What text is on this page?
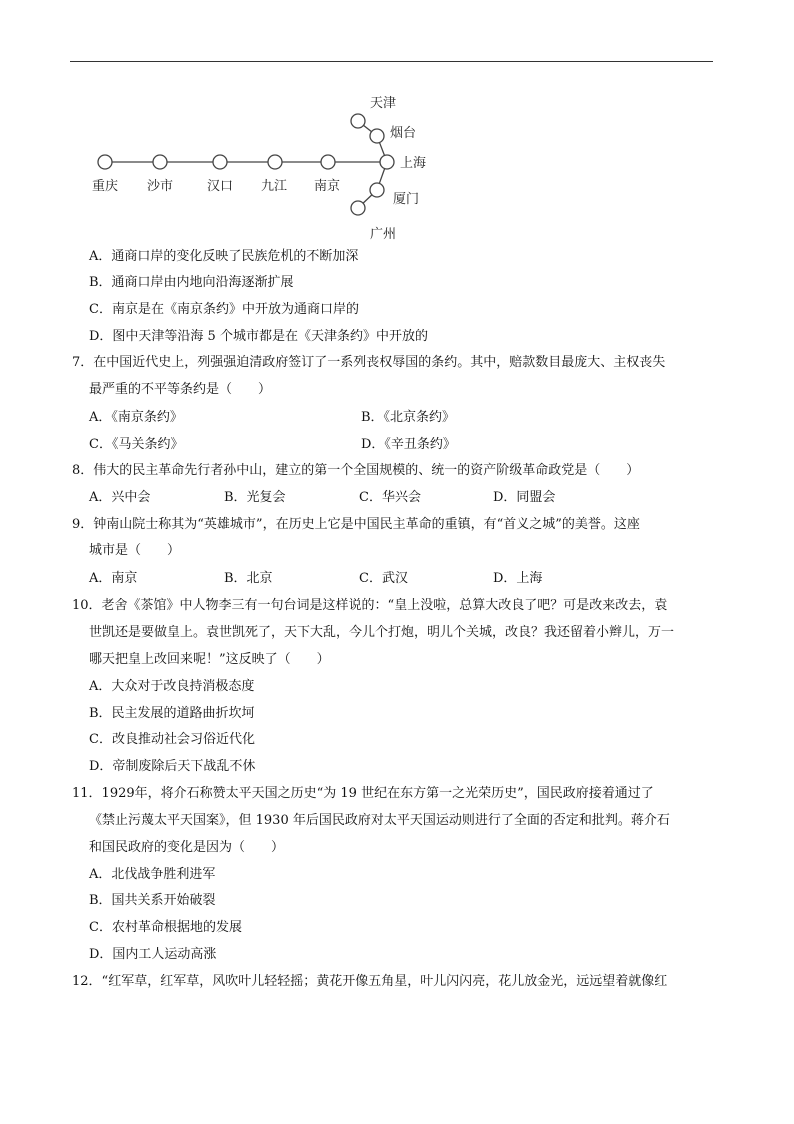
重庆 沙市	汉口 九江 南京
上海
天津
烟台
厦门
广州
A．通商口岸的变化反映了民族危机的不断加深
B．通商口岸由内地向沿海逐渐扩展
C．南京是在《南京条约》中开放为通商口岸的
D．图中天津等沿海 5 个城市都是在《天津条约》中开放的
7．在中国近代史上，列强强迫清政府签订了一系列丧权辱国的条约。其中，赔款数目最庞大、主权丧失
最严重的不平等条约是（　　）
A．《南京条约》	B．《北京条约》
C．《马关条约》	D．《辛丑条约》
8．伟大的民主革命先行者孙中山，建立的第一个全国规模的、统一的资产阶级革命政党是（　　）
A．兴中会	B．光复会	C．华兴会	D．同盟会
9．钟南山院士称其为“英雄城市”，在历史上它是中国民主革命的重镇，有“首义之城”的美誉。这座
城市是（　　）
A．南京	B．北京	C．武汉	D．上海
10．老舍《茶馆》中人物李三有一句台词是这样说的：“皇上没啦，总算大改良了吧？可是改来改去，袁
世凯还是要做皇上。袁世凯死了，天下大乱，今儿个打炮，明儿个关城，改良？我还留着小辫儿，万一
哪天把皇上改回来呢！”这反映了（　　）
A．大众对于改良持消极态度
B．民主发展的道路曲折坎坷
C．改良推动社会习俗近代化
D．帝制废除后天下战乱不休
11．1929年，将介石称赞太平天国之历史“为 19 世纪在东方第一之光荣历史”，国民政府接着通过了
《禁止污蔑太平天国案》，但 1930 年后国民政府对太平天国运动则进行了全面的否定和批判。蒋介石
和国民政府的变化是因为（　　）
A．北伐战争胜利进军
B．国共关系开始破裂
C．农村革命根据地的发展
D．国内工人运动高涨
12．“红军草，红军草，风吹叶儿轻轻摇；黄花开像五角星，叶儿闪闪亮，花儿放金光，远远望着就像红
